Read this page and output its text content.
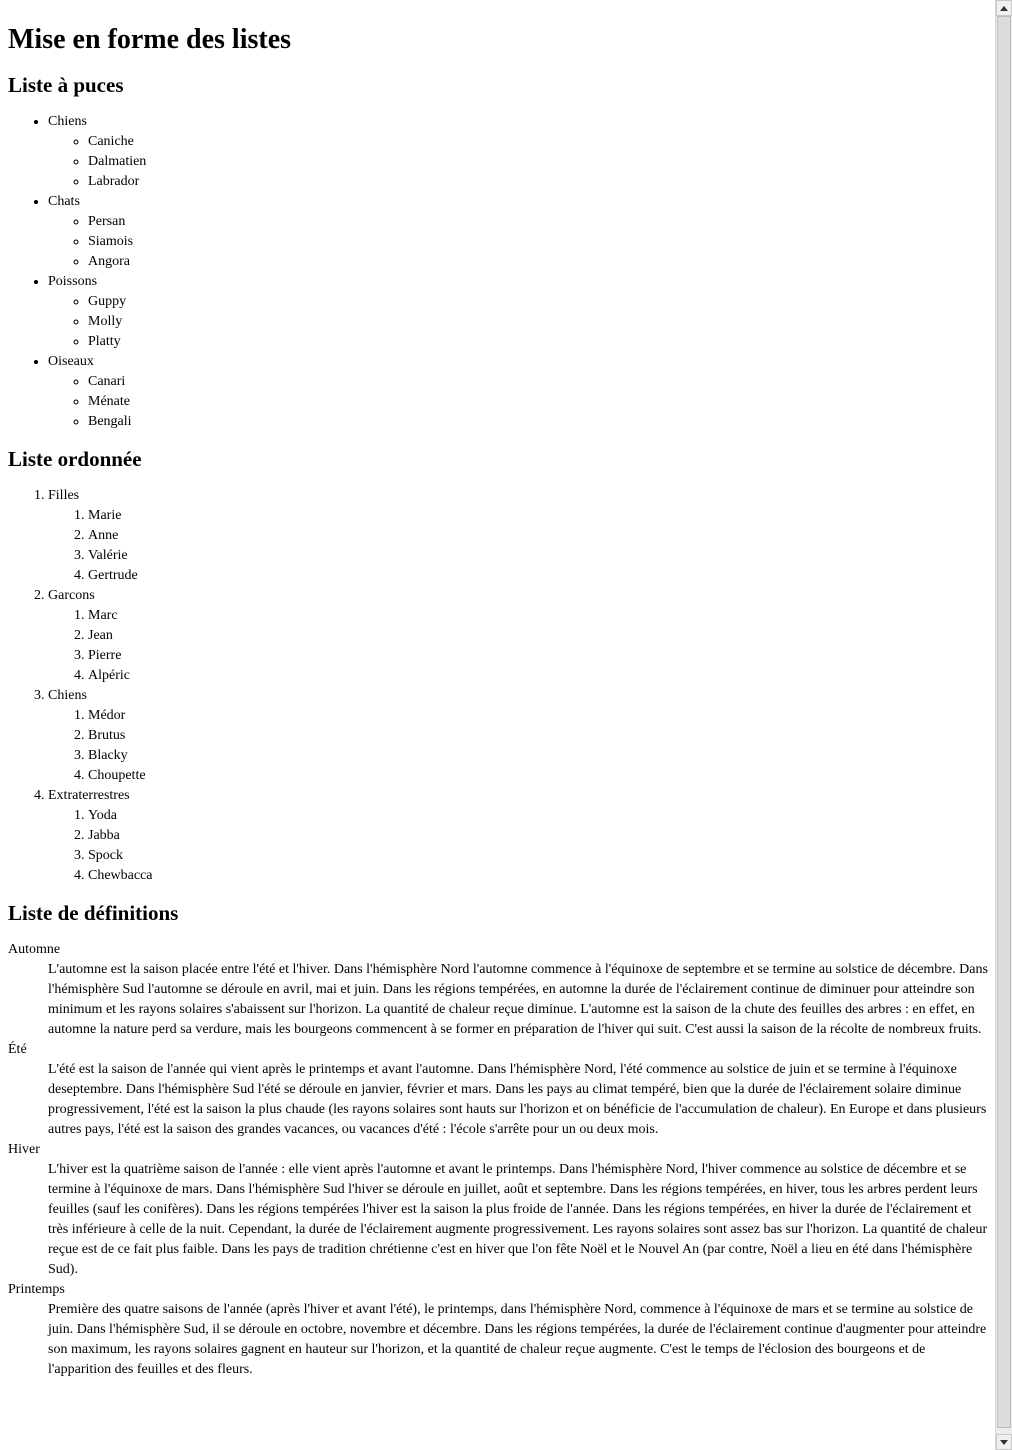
Mise en forme des listes
Liste à puces
• Chiens
◦ Caniche
◦ Dalmatien
◦ Labrador
• Chats
◦ Persan
◦ Siamois
◦ Angora
• Poissons
◦ Guppy
◦ Molly
◦ Platty
• Oiseaux
◦ Canari
◦ Ménate
◦ Bengali
Liste ordonnée
1. Filles
1. Marie
2. Anne
3. Valérie
4. Gertrude
2. Garcons
1. Marc
2. Jean
3. Pierre
4. Alpéric
3. Chiens
1. Médor
2. Brutus
3. Blacky
4. Choupette
4. Extraterrestres
1. Yoda
2. Jabba
3. Spock
4. Chewbacca
Liste de définitions
Automne
L'automne est la saison placée entre l'été et l'hiver. Dans l'hémisphère Nord l'automne commence à l'équinoxe de septembre et se termine au solstice de décembre. Dans l'hémisphère Sud l'automne se déroule en avril, mai et juin. Dans les régions tempérées, en automne la durée de l'éclairement continue de diminuer pour atteindre son minimum et les rayons solaires s'abaissent sur l'horizon. La quantité de chaleur reçue diminue. L'automne est la saison de la chute des feuilles des arbres : en effet, en automne la nature perd sa verdure, mais les bourgeons commencent à se former en préparation de l'hiver qui suit. C'est aussi la saison de la récolte de nombreux fruits.
Été
L'été est la saison de l'année qui vient après le printemps et avant l'automne. Dans l'hémisphère Nord, l'été commence au solstice de juin et se termine à l'équinoxe deseptembre. Dans l'hémisphère Sud l'été se déroule en janvier, février et mars. Dans les pays au climat tempéré, bien que la durée de l'éclairement solaire diminue progressivement, l'été est la saison la plus chaude (les rayons solaires sont hauts sur l'horizon et on bénéficie de l'accumulation de chaleur). En Europe et dans plusieurs autres pays, l'été est la saison des grandes vacances, ou vacances d'été : l'école s'arrête pour un ou deux mois.
Hiver
L'hiver est la quatrième saison de l'année : elle vient après l'automne et avant le printemps. Dans l'hémisphère Nord, l'hiver commence au solstice de décembre et se termine à l'équinoxe de mars. Dans l'hémisphère Sud l'hiver se déroule en juillet, août et septembre. Dans les régions tempérées, en hiver, tous les arbres perdent leurs feuilles (sauf les conifères). Dans les régions tempérées l'hiver est la saison la plus froide de l'année. Dans les régions tempérées, en hiver la durée de l'éclairement et très inférieure à celle de la nuit. Cependant, la durée de l'éclairement augmente progressivement. Les rayons solaires sont assez bas sur l'horizon. La quantité de chaleur reçue est de ce fait plus faible. Dans les pays de tradition chrétienne c'est en hiver que l'on fête Noël et le Nouvel An (par contre, Noël a lieu en été dans l'hémisphère Sud).
Printemps
Première des quatre saisons de l'année (après l'hiver et avant l'été), le printemps, dans l'hémisphère Nord, commence à l'équinoxe de mars et se termine au solstice de juin. Dans l'hémisphère Sud, il se déroule en octobre, novembre et décembre. Dans les régions tempérées, la durée de l'éclairement continue d'augmenter pour atteindre son maximum, les rayons solaires gagnent en hauteur sur l'horizon, et la quantité de chaleur reçue augmente. C'est le temps de l'éclosion des bourgeons et de l'apparition des feuilles et des fleurs.
